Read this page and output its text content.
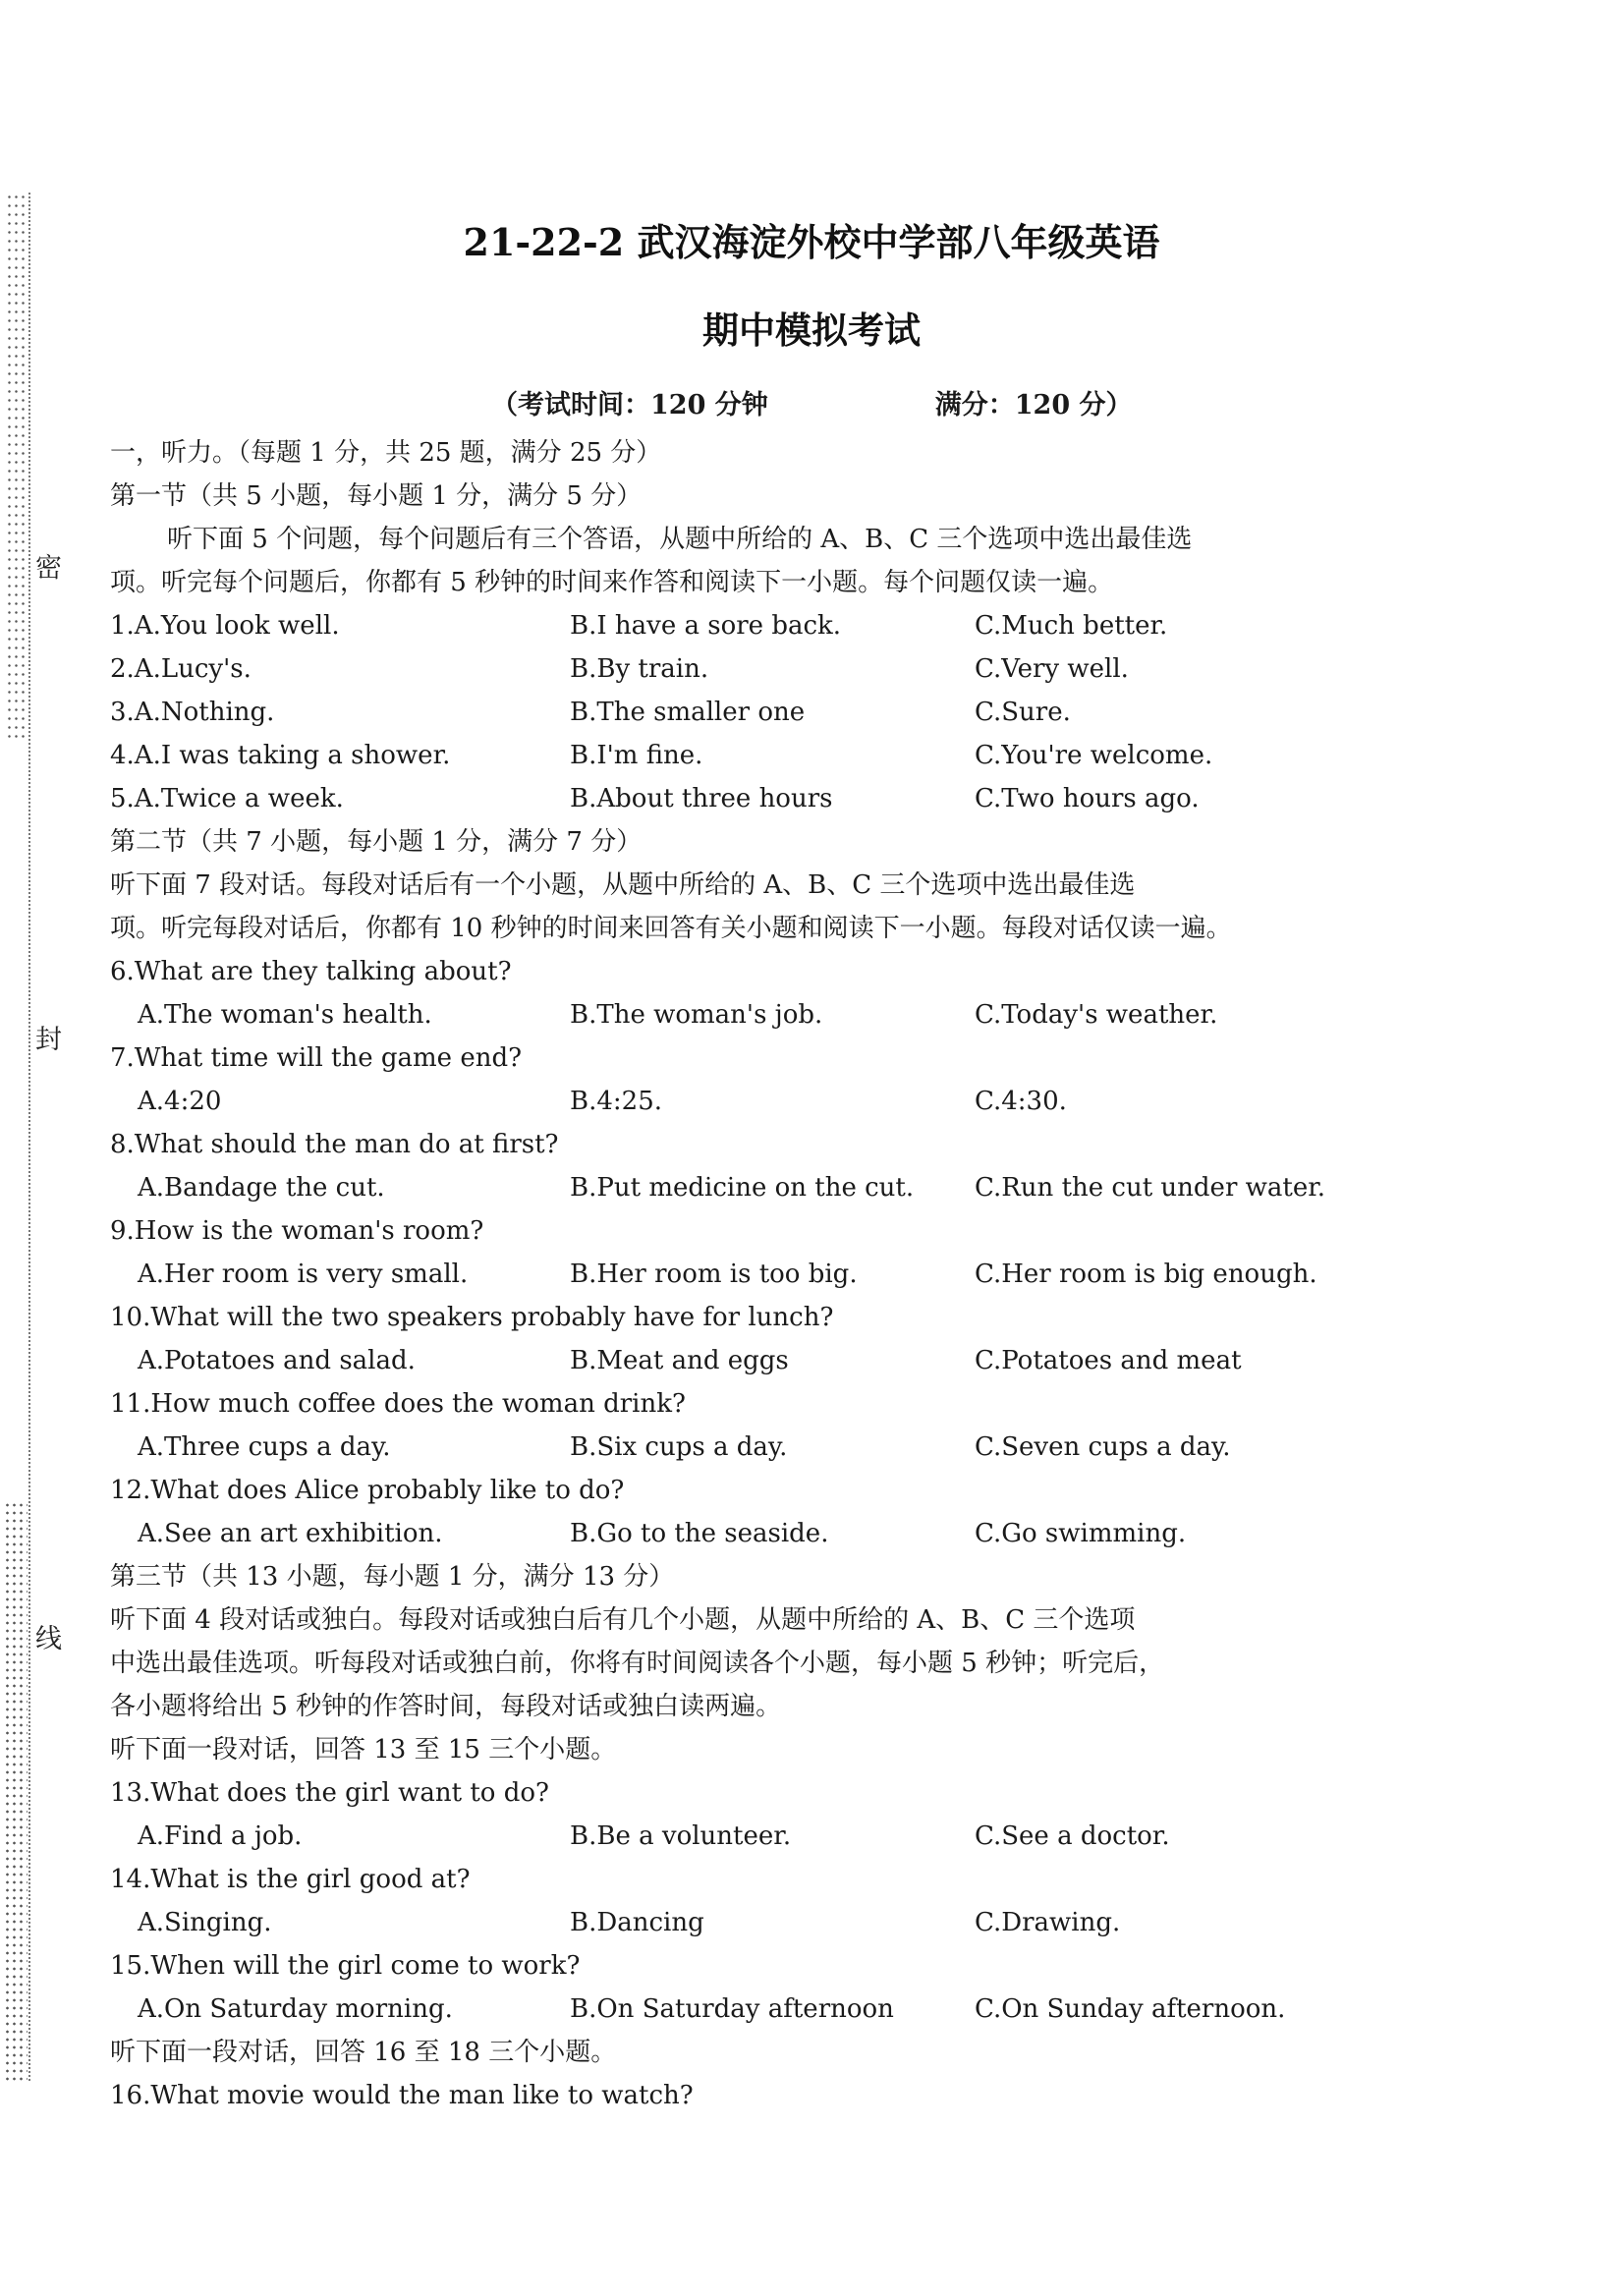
密
封
线
21-22-2 武汉海淀外校中学部八年级英语
期中模拟考试
（考试时间：120 分钟	满分：120 分）
一，听力。（每题 1 分，共 25 题，满分 25 分）
第一节（共 5 小题，每小题 1 分，满分 5 分）
听下面 5 个问题，每个问题后有三个答语，从题中所给的 A、B、C 三个选项中选出最佳选
项。听完每个问题后，你都有 5 秒钟的时间来作答和阅读下一小题。每个问题仅读一遍。
1.A.You look well.	B.I have a sore back.	C.Much better.
2.A.Lucy's.	B.By train.	C.Very well.
3.A.Nothing.	B.The smaller one	C.Sure.
4.A.I was taking a shower.	B.I'm fine.	C.You're welcome.
5.A.Twice a week.	B.About three hours	C.Two hours ago.
第二节（共 7 小题，每小题 1 分，满分 7 分）
听下面 7 段对话。每段对话后有一个小题，从题中所给的 A、B、C 三个选项中选出最佳选
项。听完每段对话后，你都有 10 秒钟的时间来回答有关小题和阅读下一小题。每段对话仅读一遍。
6.What are they talking about?
A.The woman's health.	B.The woman's job.	C.Today's weather.
7.What time will the game end?
A.4:20	B.4:25.	C.4:30.
8.What should the man do at first?
A.Bandage the cut.	B.Put medicine on the cut. C.Run the cut under water.
9.How is the woman's room?
A.Her room is very small.	B.Her room is too big.	C.Her room is big enough.
10.What will the two speakers probably have for lunch?
A.Potatoes and salad.	B.Meat and eggs	C.Potatoes and meat
11.How much coffee does the woman drink?
A.Three cups a day.	B.Six cups a day.	C.Seven cups a day.
12.What does Alice probably like to do?
A.See an art exhibition.	B.Go to the seaside.	C.Go swimming.
第三节（共 13 小题，每小题 1 分，满分 13 分）
听下面 4 段对话或独白。每段对话或独白后有几个小题，从题中所给的 A、B、C 三个选项
中选出最佳选项。听每段对话或独白前，你将有时间阅读各个小题，每小题 5 秒钟；听完后，
各小题将给出 5 秒钟的作答时间，每段对话或独白读两遍。
听下面一段对话，回答 13 至 15 三个小题。
13.What does the girl want to do?
A.Find a job.	B.Be a volunteer.	C.See a doctor.
14.What is the girl good at?
A.Singing.	B.Dancing	C.Drawing.
15.When will the girl come to work?
A.On Saturday morning.	B.On Saturday afternoon	C.On Sunday afternoon.
听下面一段对话，回答 16 至 18 三个小题。
16.What movie would the man like to watch?
